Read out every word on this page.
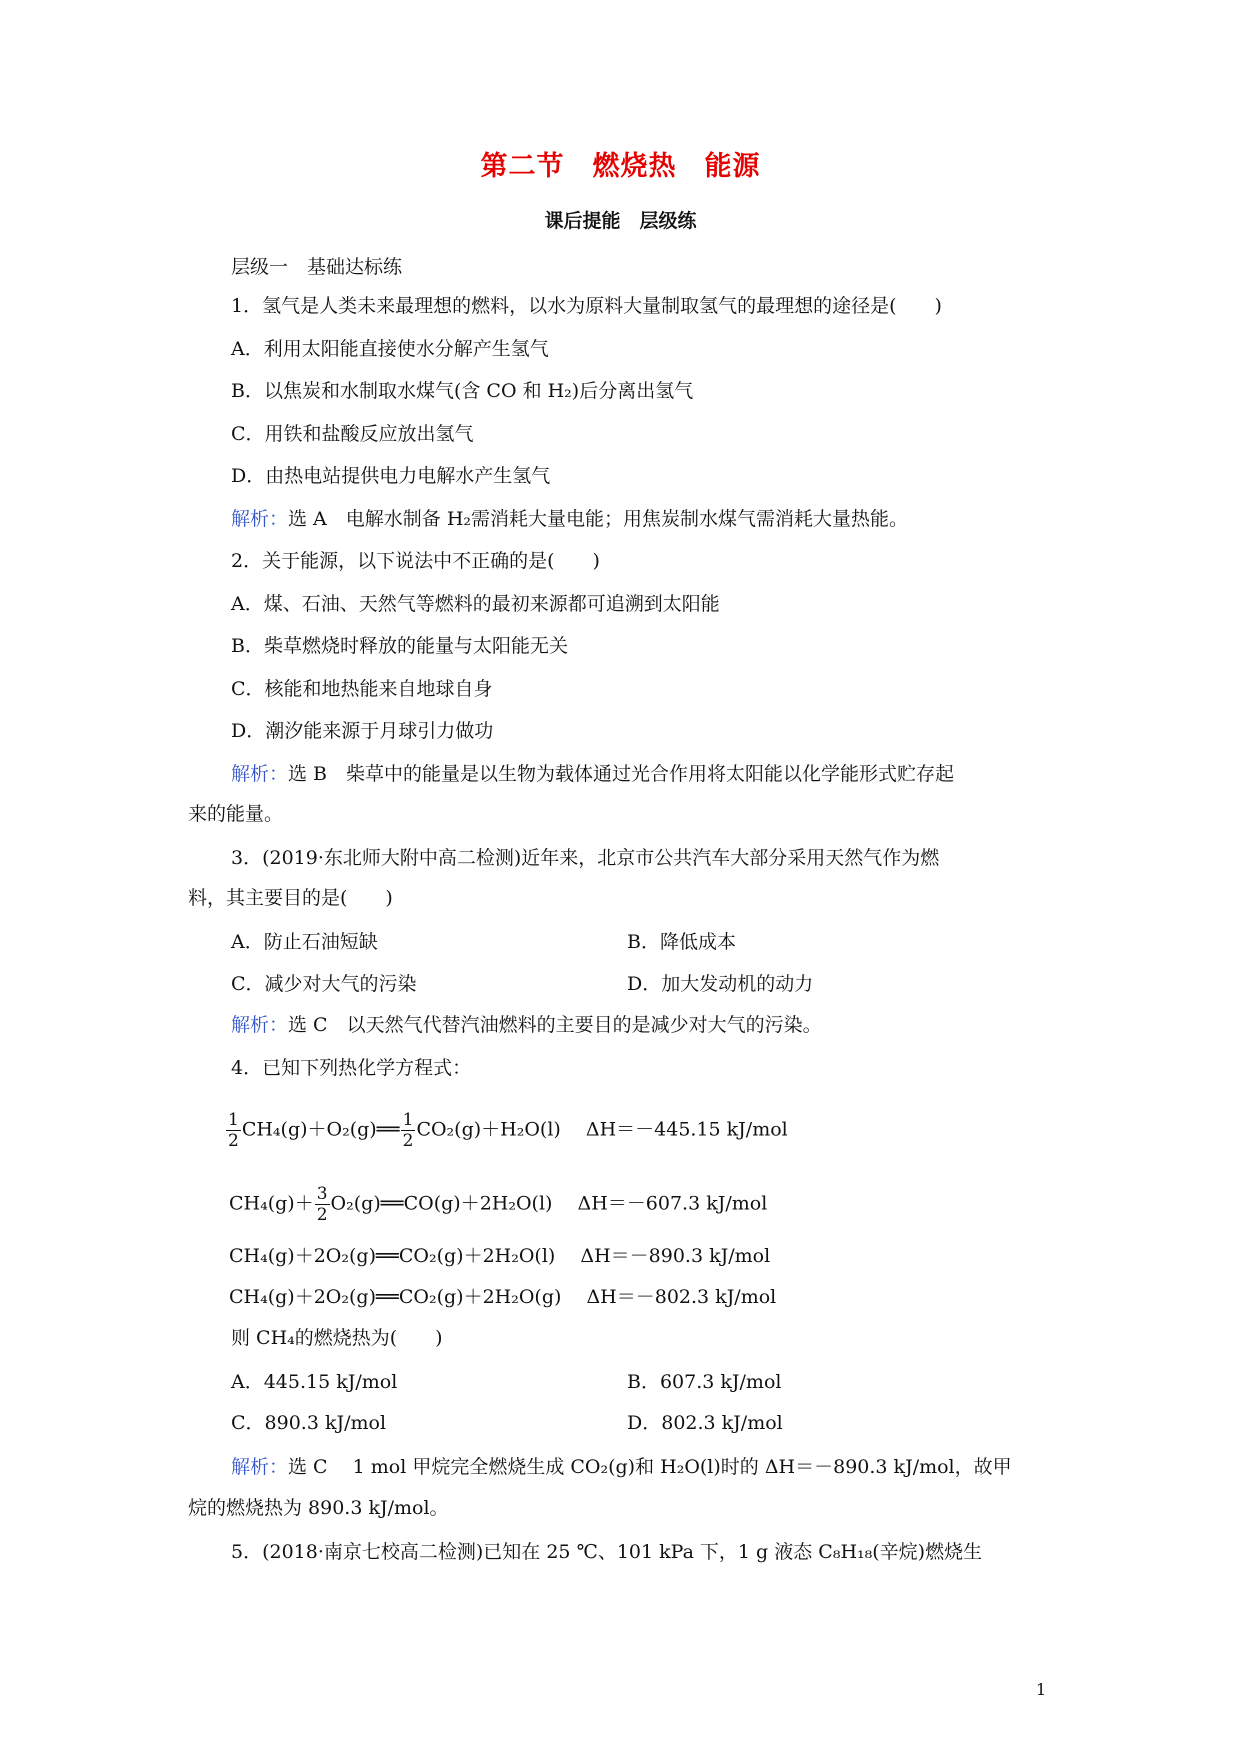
第二节　燃烧热　能源
课后提能　层级练
层级一　基础达标练
1．氢气是人类未来最理想的燃料，以水为原料大量制取氢气的最理想的途径是(　　)
A．利用太阳能直接使水分解产生氢气
B．以焦炭和水制取水煤气(含 CO 和 H₂)后分离出氢气
C．用铁和盐酸反应放出氢气
D．由热电站提供电力电解水产生氢气
解析：选 A　电解水制备 H₂需消耗大量电能；用焦炭制水煤气需消耗大量热能。
2．关于能源，以下说法中不正确的是(　　)
A．煤、石油、天然气等燃料的最初来源都可追溯到太阳能
B．柴草燃烧时释放的能量与太阳能无关
C．核能和地热能来自地球自身
D．潮汐能来源于月球引力做功
解析：选 B　柴草中的能量是以生物为载体通过光合作用将太阳能以化学能形式贮存起
来的能量。
3．(2019·东北师大附中高二检测)近年来，北京市公共汽车大部分采用天然气作为燃
料，其主要目的是(　　)
A．防止石油短缺	B．降低成本
C．减少对大气的污染	D．加大发动机的动力
解析：选 C　以天然气代替汽油燃料的主要目的是减少对大气的污染。
4．已知下列热化学方程式：
$\frac{1}{2}$ CH₄(g)＋O₂(g)══ $\frac{1}{2} CO_2(g)+H_2O(l)$　 ΔH＝－445.15 kJ/mol
$CH_4(g)+ \frac{3}{2}$ O₂(g)══CO(g)＋2H₂O(l)　 ΔH＝－607.3 kJ/mol
CH₄(g)＋2O₂(g)══CO₂(g)＋2H₂O(l)　 ΔH＝－890.3 kJ/mol
CH₄(g)＋2O₂(g)══CO₂(g)＋2H₂O(g)　 ΔH＝－802.3 kJ/mol
则 CH₄的燃烧热为(　　)
A．445.15 kJ/mol	B．607.3 kJ/mol
C．890.3 kJ/mol	D．802.3 kJ/mol
解析：选 C　 1 mol 甲烷完全燃烧生成 CO₂(g)和 H₂O(l)时的 ΔH＝－890.3 kJ/mol，故甲
烷的燃烧热为 890.3 kJ/mol。
5．(2018·南京七校高二检测)已知在 25 ℃、101 kPa 下，1 g 液态 C₈H₁₈(辛烷)燃烧生
1
